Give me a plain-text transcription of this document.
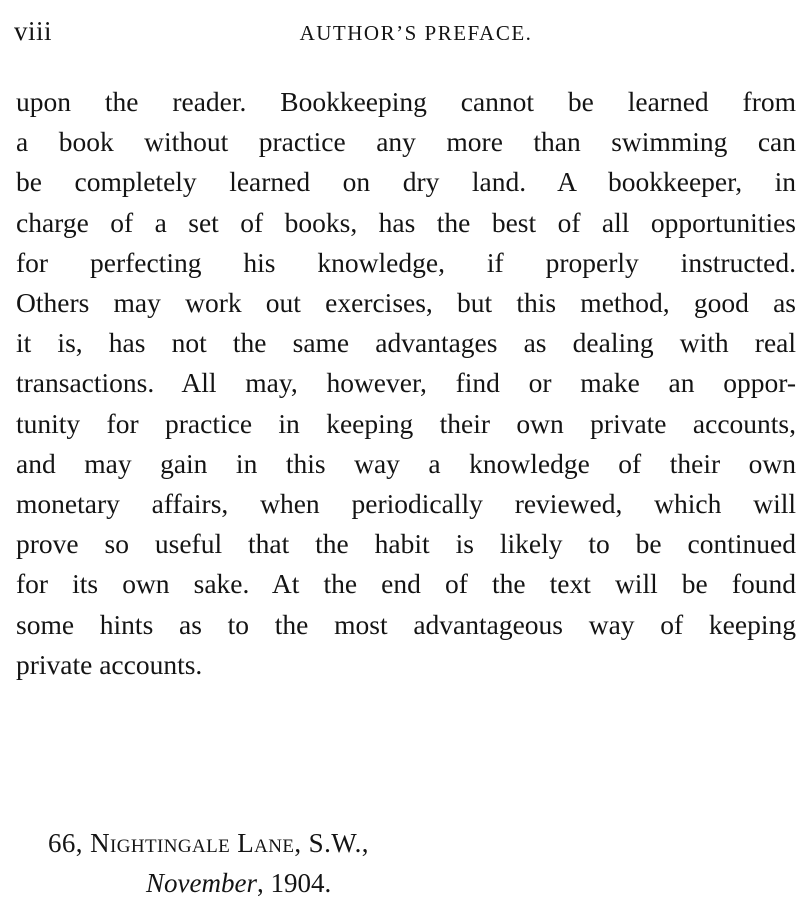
viii	AUTHOR’S PREFACE.
upon the reader. Bookkeeping cannot be learned from
a book without practice any more than swimming can
be completely learned on dry land. A bookkeeper, in
charge of a set of books, has the best of all opportunities
for perfecting his knowledge, if properly instructed.
Others may work out exercises, but this method, good as
it is, has not the same advantages as dealing with real
transactions. All may, however, find or make an oppor-
tunity for practice in keeping their own private accounts,
and may gain in this way a knowledge of their own
monetary affairs, when periodically reviewed, which will
prove so useful that the habit is likely to be continued
for its own sake. At the end of the text will be found
some hints as to the most advantageous way of keeping
private accounts.
66, Nightingale Lane, S.W.,
November, 1904.
